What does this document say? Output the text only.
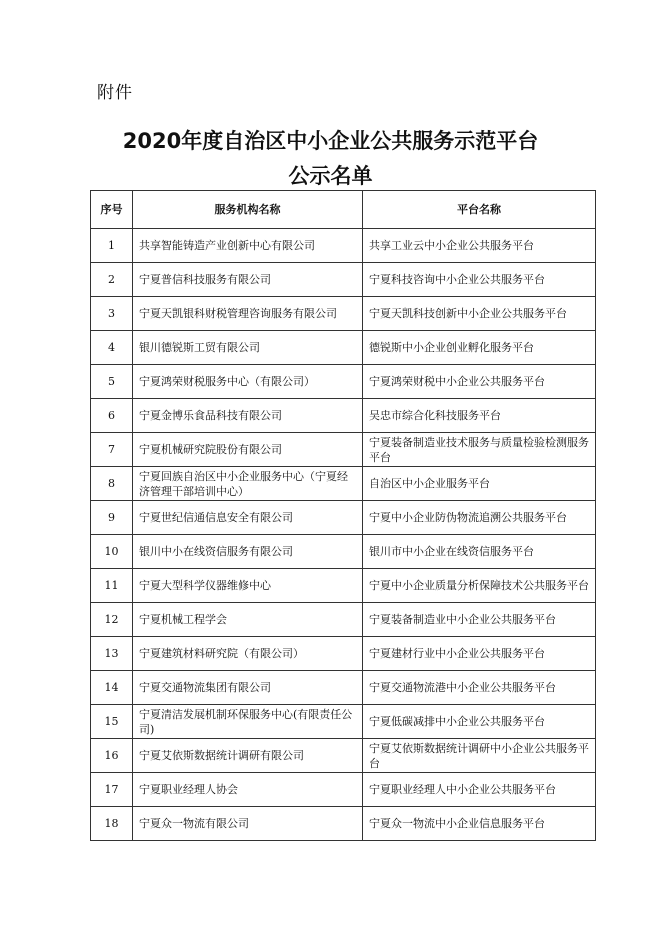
附件
2020年度自治区中小企业公共服务示范平台
公示名单
序号	服务机构名称	平台名称
1	共享智能铸造产业创新中心有限公司	共享工业云中小企业公共服务平台
2	宁夏普信科技服务有限公司	宁夏科技咨询中小企业公共服务平台
3	宁夏天凯银科财税管理咨询服务有限公司	宁夏天凯科技创新中小企业公共服务平台
4	银川德锐斯工贸有限公司	德锐斯中小企业创业孵化服务平台
5	宁夏鸿荣财税服务中心（有限公司）	宁夏鸿荣财税中小企业公共服务平台
6	宁夏金博乐食品科技有限公司	吴忠市综合化科技服务平台
7	宁夏机械研究院股份有限公司	宁夏装备制造业技术服务与质量检验检测服务平台
8	宁夏回族自治区中小企业服务中心（宁夏经济管理干部培训中心）	自治区中小企业服务平台
9	宁夏世纪信通信息安全有限公司	宁夏中小企业防伪物流追溯公共服务平台
10	银川中小在线资信服务有限公司	银川市中小企业在线资信服务平台
11	宁夏大型科学仪器维修中心	宁夏中小企业质量分析保障技术公共服务平台
12	宁夏机械工程学会	宁夏装备制造业中小企业公共服务平台
13	宁夏建筑材料研究院（有限公司）	宁夏建材行业中小企业公共服务平台
14	宁夏交通物流集团有限公司	宁夏交通物流港中小企业公共服务平台
15	宁夏清洁发展机制环保服务中心(有限责任公司)	宁夏低碳减排中小企业公共服务平台
16	宁夏艾依斯数据统计调研有限公司	宁夏艾依斯数据统计调研中小企业公共服务平台
17	宁夏职业经理人协会	宁夏职业经理人中小企业公共服务平台
18	宁夏众一物流有限公司	宁夏众一物流中小企业信息服务平台
